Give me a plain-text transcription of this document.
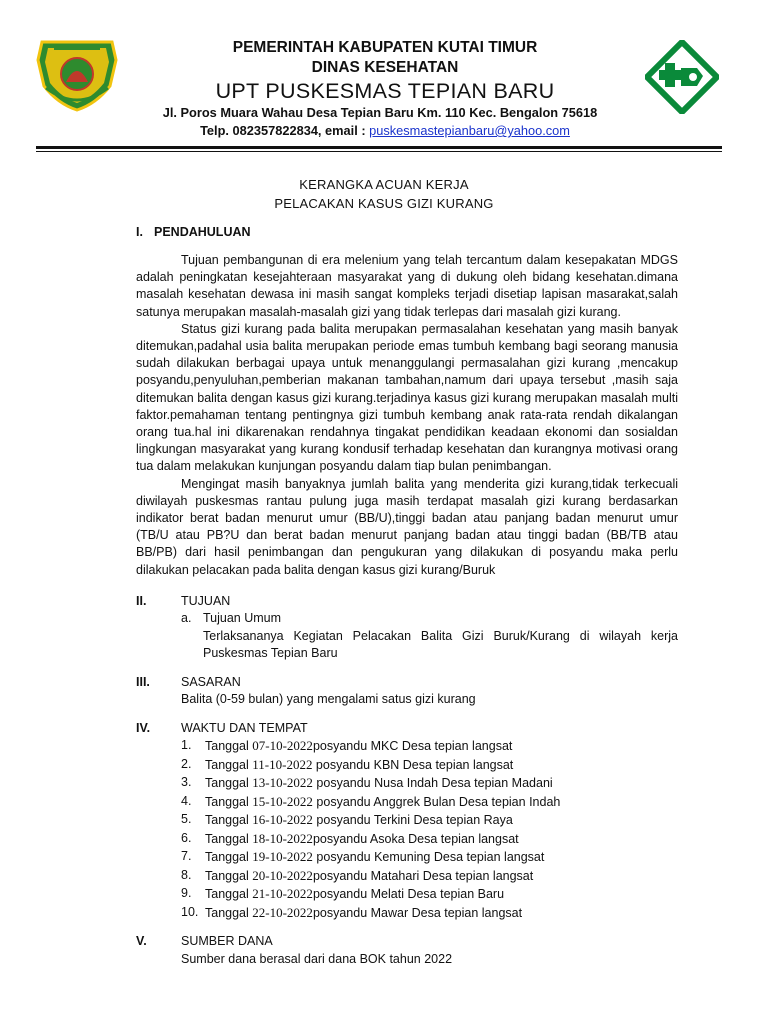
PEMERINTAH KABUPATEN KUTAI TIMUR
DINAS KESEHATAN
UPT PUSKESMAS TEPIAN BARU
Jl. Poros Muara Wahau Desa Tepian Baru Km. 110 Kec. Bengalon 75618
Telp. 082357822834, email : puskesmastepianbaru@yahoo.com
KERANGKA ACUAN KERJA
PELACAKAN KASUS GIZI KURANG
I. PENDAHULUAN

Tujuan pembangunan di era melenium yang telah tercantum dalam kesepakatan MDGS adalah peningkatan kesejahteraan masyarakat yang di dukung oleh bidang kesehatan.dimana masalah kesehatan dewasa ini masih sangat kompleks terjadi disetiap lapisan masarakat,salah satunya merupakan masalah-masalah gizi yang tidak terlepas dari masalah gizi kurang.

Status gizi kurang pada balita merupakan permasalahan kesehatan yang masih banyak ditemukan,padahal usia balita merupakan periode emas tumbuh kembang bagi seorang manusia sudah dilakukan berbagai upaya untuk menanggulangi permasalahan gizi kurang ,mencakup posyandu,penyuluhan,pemberian makanan tambahan,namum dari upaya tersebut ,masih saja ditemukan balita dengan kasus gizi kurang.terjadinya kasus gizi kurang merupakan masalah multi faktor.pemahaman tentang pentingnya gizi tumbuh kembang anak rata-rata rendah dikalangan orang tua.hal ini dikarenakan rendahnya tingakat pendidikan keadaan ekonomi dan sosialdan lingkungan masyarakat yang kurang kondusif terhadap kesehatan dan kurangnya motivasi orang tua dalam melakukan kunjungan posyandu dalam tiap bulan penimbangan.

Mengingat masih banyaknya jumlah balita yang menderita gizi kurang,tidak terkecuali diwilayah puskesmas rantau pulung juga masih terdapat masalah gizi kurang berdasarkan indikator berat badan menurut umur (BB/U),tinggi badan atau panjang badan menurut umur (TB/U atau PB?U dan berat badan menurut panjang badan atau tinggi badan (BB/TB atau BB/PB) dari hasil penimbangan dan pengukuran yang dilakukan di posyandu maka perlu dilakukan pelacakan pada balita dengan kasus gizi kurang/Buruk

II.	TUJUAN
a. Tujuan Umum
Terlaksananya Kegiatan Pelacakan Balita Gizi Buruk/Kurang di wilayah kerja Puskesmas Tepian Baru
III. SASARAN
Balita (0-59 bulan) yang mengalami satus gizi kurang
IV. WAKTU DAN TEMPAT
1.	Tanggal 07-10-2022posyandu MKC Desa tepian langsat
2.	Tanggal 11-10-2022 posyandu KBN Desa tepian langsat
3.	Tanggal 13-10-2022 posyandu Nusa Indah Desa tepian Madani
4.	Tanggal 15-10-2022 posyandu Anggrek Bulan Desa tepian Indah
5.	Tanggal 16-10-2022 posyandu Terkini Desa tepian Raya
6.	Tanggal 18-10-2022posyandu Asoka Desa tepian langsat
7.	Tanggal 19-10-2022 posyandu Kemuning Desa tepian langsat
8.	Tanggal 20-10-2022posyandu Matahari Desa tepian langsat
9.	Tanggal 21-10-2022posyandu Melati Desa tepian Baru
10. Tanggal 22-10-2022posyandu Mawar Desa tepian langsat
V.	SUMBER DANA
Sumber dana berasal dari dana BOK tahun 2022
